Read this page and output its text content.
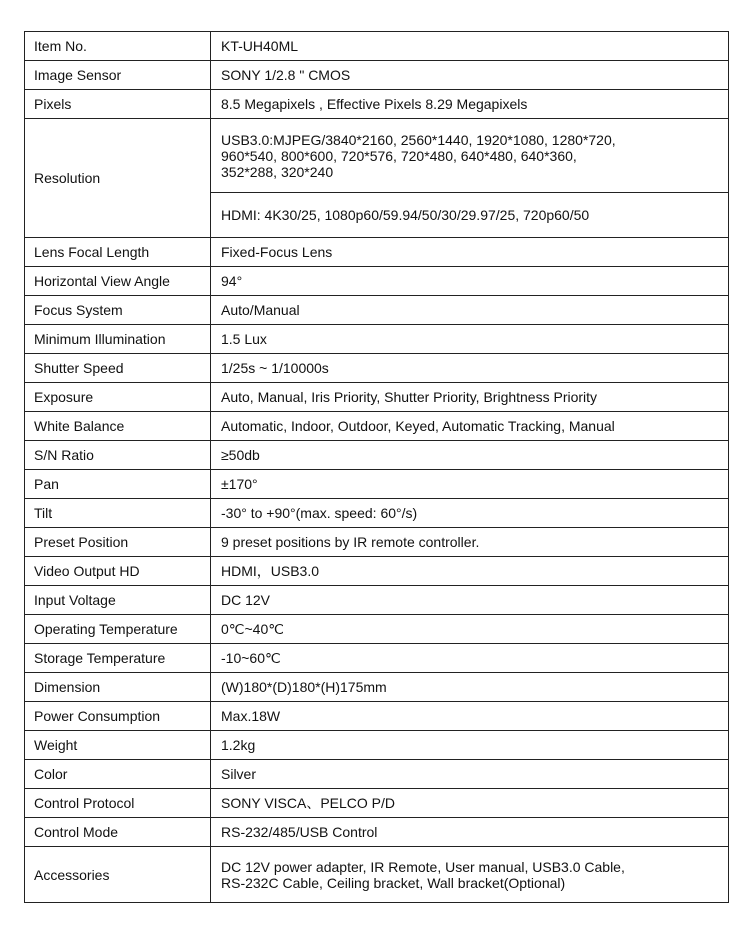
Item No.	KT-UH40ML
Image Sensor	SONY 1/2.8 " CMOS
Pixels	8.5 Megapixels , Effective Pixels 8.29 Megapixels
Resolution	USB3.0:MJPEG/3840*2160, 2560*1440, 1920*1080, 1280*720,
960*540, 800*600, 720*576, 720*480, 640*480, 640*360,
352*288, 320*240
	HDMI: 4K30/25, 1080p60/59.94/50/30/29.97/25, 720p60/50
Lens Focal Length	Fixed-Focus Lens
Horizontal View Angle	94°
Focus System	Auto/Manual
Minimum Illumination	1.5 Lux
Shutter Speed	1/25s ~ 1/10000s
Exposure	Auto, Manual, Iris Priority, Shutter Priority, Brightness Priority
White Balance	Automatic, Indoor, Outdoor, Keyed, Automatic Tracking, Manual
S/N Ratio	≥50db
Pan	±170°
Tilt	-30° to +90°(max. speed: 60°/s)
Preset Position	9 preset positions by IR remote controller.
Video Output HD	HDMI，USB3.0
Input Voltage	DC 12V
Operating Temperature	0℃~40℃
Storage Temperature	-10~60℃
Dimension	(W)180*(D)180*(H)175mm
Power Consumption	Max.18W
Weight	1.2kg
Color	Silver
Control Protocol	SONY VISCA、PELCO P/D
Control Mode	RS-232/485/USB Control
Accessories	DC 12V power adapter, IR Remote, User manual, USB3.0 Cable,
RS-232C Cable, Ceiling bracket, Wall bracket(Optional)
